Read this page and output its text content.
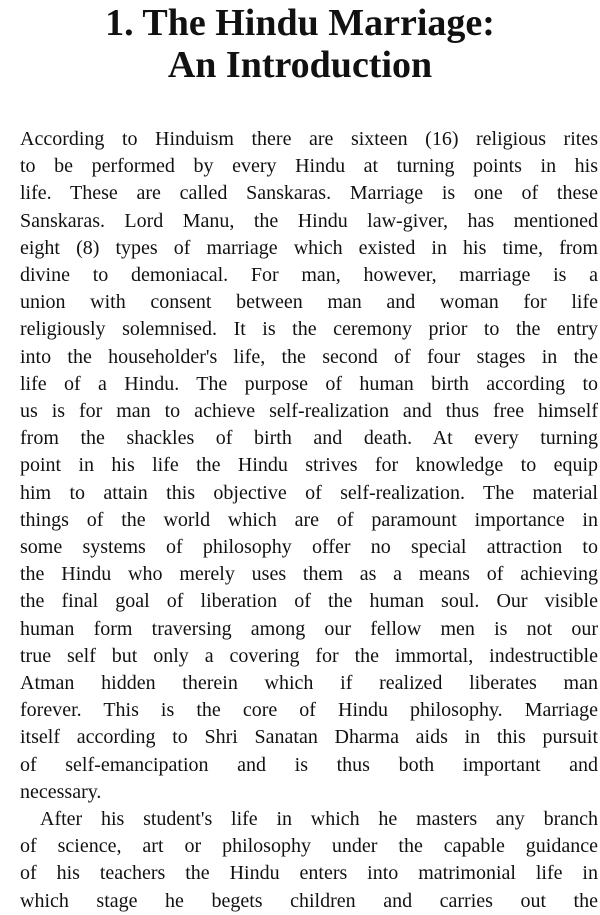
1. The Hindu Marriage:
An Introduction
According to Hinduism there are sixteen (16) religious rites
to be performed by every Hindu at turning points in his
life. These are called Sanskaras. Marriage is one of these
Sanskaras. Lord Manu, the Hindu law-giver, has mentioned
eight (8) types of marriage which existed in his time, from
divine to demoniacal. For man, however, marriage is a
union with consent between man and woman for life
religiously solemnised. It is the ceremony prior to the entry
into the householder's life, the second of four stages in the
life of a Hindu. The purpose of human birth according to
us is for man to achieve self-realization and thus free himself
from the shackles of birth and death. At every turning
point in his life the Hindu strives for knowledge to equip
him to attain this objective of self-realization. The material
things of the world which are of paramount importance in
some systems of philosophy offer no special attraction to
the Hindu who merely uses them as a means of achieving
the final goal of liberation of the human soul. Our visible
human form traversing among our fellow men is not our
true self but only a covering for the immortal, indestructible
Atman hidden therein which if realized liberates man
forever. This is the core of Hindu philosophy. Marriage
itself according to Shri Sanatan Dharma aids in this pursuit
of self-emancipation and is thus both important and
necessary.
After his student's life in which he masters any branch
of science, art or philosophy under the capable guidance
of his teachers the Hindu enters into matrimonial life in
which stage he begets children and carries out the
